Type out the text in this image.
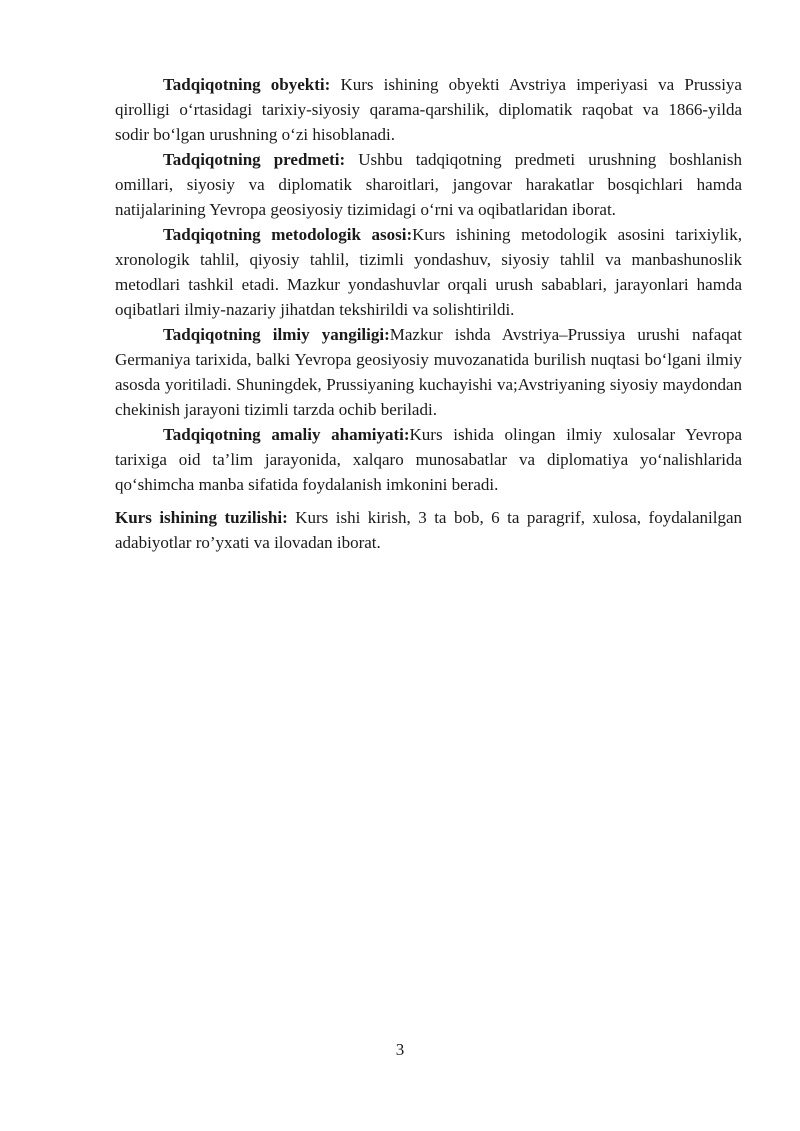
Tadqiqotning obyekti: Kurs ishining obyekti Avstriya imperiyasi va Prussiya qirolligi o‘rtasidagi tarixiy-siyosiy qarama-qarshilik, diplomatik raqobat va 1866-yilda sodir bo‘lgan urushning o‘zi hisoblanadi.

Tadqiqotning predmeti: Ushbu tadqiqotning predmeti urushning boshlanish omillari, siyosiy va diplomatik sharoitlari, jangovar harakatlar bosqichlari hamda natijalarining Yevropa geosiyosiy tizimidagi o‘rni va oqibatlaridan iborat.

Tadqiqotning metodologik asosi:Kurs ishining metodologik asosini tarixiylik, xronologik tahlil, qiyosiy tahlil, tizimli yondashuv, siyosiy tahlil va manbashunoslik metodlari tashkil etadi. Mazkur yondashuvlar orqali urush sabablari, jarayonlari hamda oqibatlari ilmiy-nazariy jihatdan tekshirildi va solishtirildi.

Tadqiqotning ilmiy yangiligi:Mazkur ishda Avstriya–Prussiya urushi nafaqat Germaniya tarixida, balki Yevropa geosiyosiy muvozanatida burilish nuqtasi bo‘lgani ilmiy asosda yoritiladi. Shuningdek, Prussiyaning kuchayishi va;Avstriyaning siyosiy maydondan chekinish jarayoni tizimli tarzda ochib beriladi.

Tadqiqotning amaliy ahamiyati:Kurs ishida olingan ilmiy xulosalar Yevropa tarixiga oid ta’lim jarayonida, xalqaro munosabatlar va diplomatiya yo‘nalishlarida qo‘shimcha manba sifatida foydalanish imkonini beradi.

Kurs ishining tuzilishi: Kurs ishi kirish, 3 ta bob, 6 ta paragrif, xulosa, foydalanilgan adabiyotlar ro’yxati va ilovadan iborat.

3
